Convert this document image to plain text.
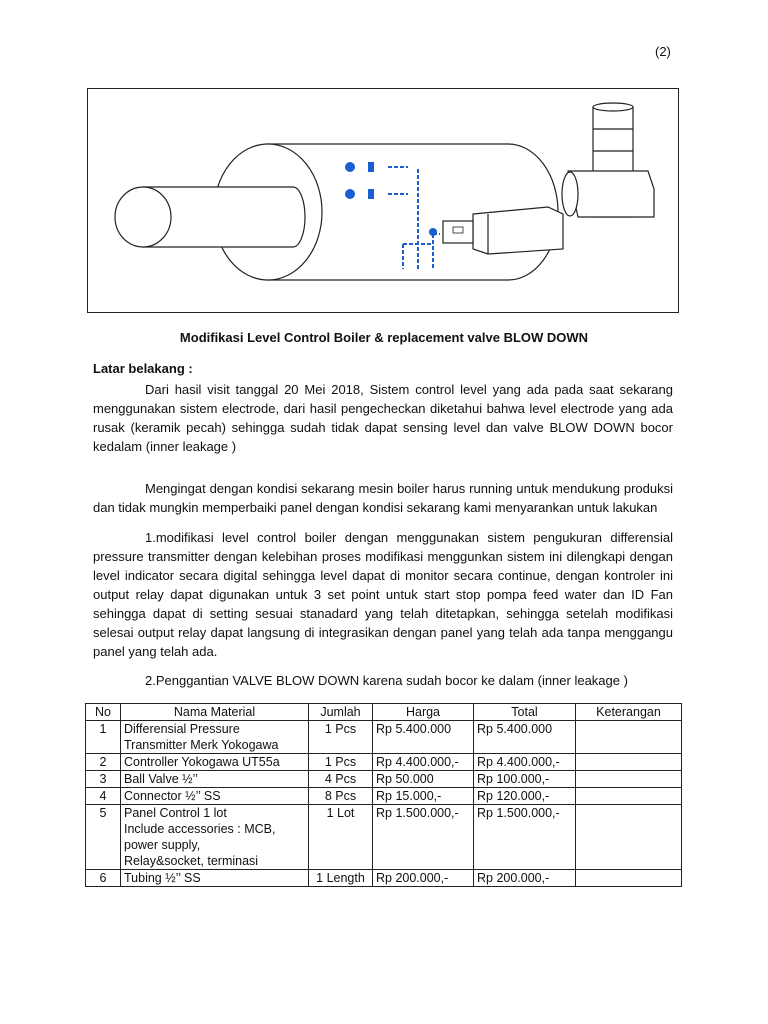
(2)
Modifikasi Level Control Boiler & replacement valve BLOW DOWN
Latar belakang :

Dari hasil visit tanggal 20 Mei 2018, Sistem control level yang ada pada saat sekarang menggunakan sistem electrode, dari hasil pengecheckan diketahui bahwa level electrode yang ada rusak (keramik pecah) sehingga sudah tidak dapat sensing level dan valve BLOW DOWN bocor kedalam (inner leakage )

Mengingat dengan kondisi sekarang mesin boiler harus running untuk mendukung produksi dan tidak mungkin memperbaiki panel dengan kondisi sekarang kami menyarankan untuk lakukan

1.modifikasi level control boiler dengan menggunakan sistem pengukuran differensial pressure transmitter dengan kelebihan proses modifikasi menggunkan sistem ini dilengkapi dengan level indicator secara digital sehingga level dapat di monitor secara continue, dengan kontroler ini output relay dapat digunakan untuk 3 set point untuk start stop pompa feed water dan ID Fan sehingga dapat di setting sesuai stanadard yang telah ditetapkan, sehingga setelah modifikasi selesai output relay dapat langsung di integrasikan dengan panel yang telah ada tanpa menggangu panel yang telah ada.

2.Penggantian VALVE BLOW DOWN karena sudah bocor ke dalam (inner leakage )

No	Nama Material	Jumlah	Harga	Total	Keterangan
1	Differensial Pressure Transmitter Merk Yokogawa	1 Pcs	Rp 5.400.000	Rp 5.400.000	
2	Controller Yokogawa UT55a	1 Pcs	Rp 4.400.000,-	Rp 4.400.000,-	
3	Ball Valve ½’’	4 Pcs	Rp 50.000	Rp 100.000,-	
4	Connector ½’’ SS	8 Pcs	Rp 15.000,-	Rp 120.000,-	
5	Panel Control 1 lot
Include accessories : MCB,
power supply,
Relay&socket, terminasi	1 Lot	Rp 1.500.000,-	Rp 1.500.000,-	
6	Tubing ½’’ SS	1 Length	Rp 200.000,-	Rp 200.000,-	
